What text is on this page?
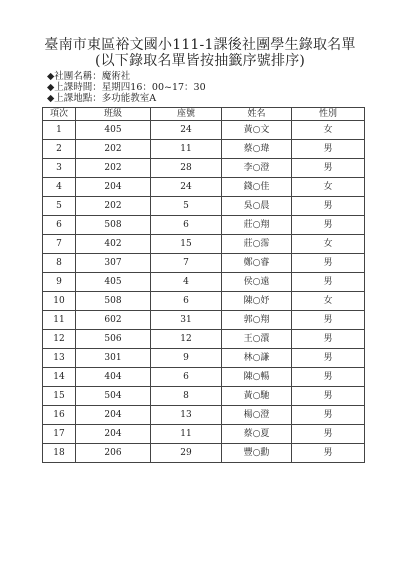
臺南市東區裕文國小111-1課後社團學生錄取名單
(以下錄取名單皆按抽籤序號排序)
◆社團名稱：魔術社
◆上課時間：星期四16：00~17：30
◆上課地點：多功能教室A
項次	班級	座號	姓名	性別
1	405	24	黃○文	女
2	202	11	蔡○瑋	男
3	202	28	李○澄	男
4	204	24	錢○佳	女
5	202	5	吳○晨	男
6	508	6	莊○翔	男
7	402	15	莊○霈	女
8	307	7	鄭○睿	男
9	405	4	侯○遠	男
10	508	6	陳○妤	女
11	602	31	郭○翔	男
12	506	12	王○澴	男
13	301	9	林○謙	男
14	404	6	陳○暢	男
15	504	8	黃○馳	男
16	204	13	楊○澄	男
17	204	11	蔡○夏	男
18	206	29	豐○勳	男
